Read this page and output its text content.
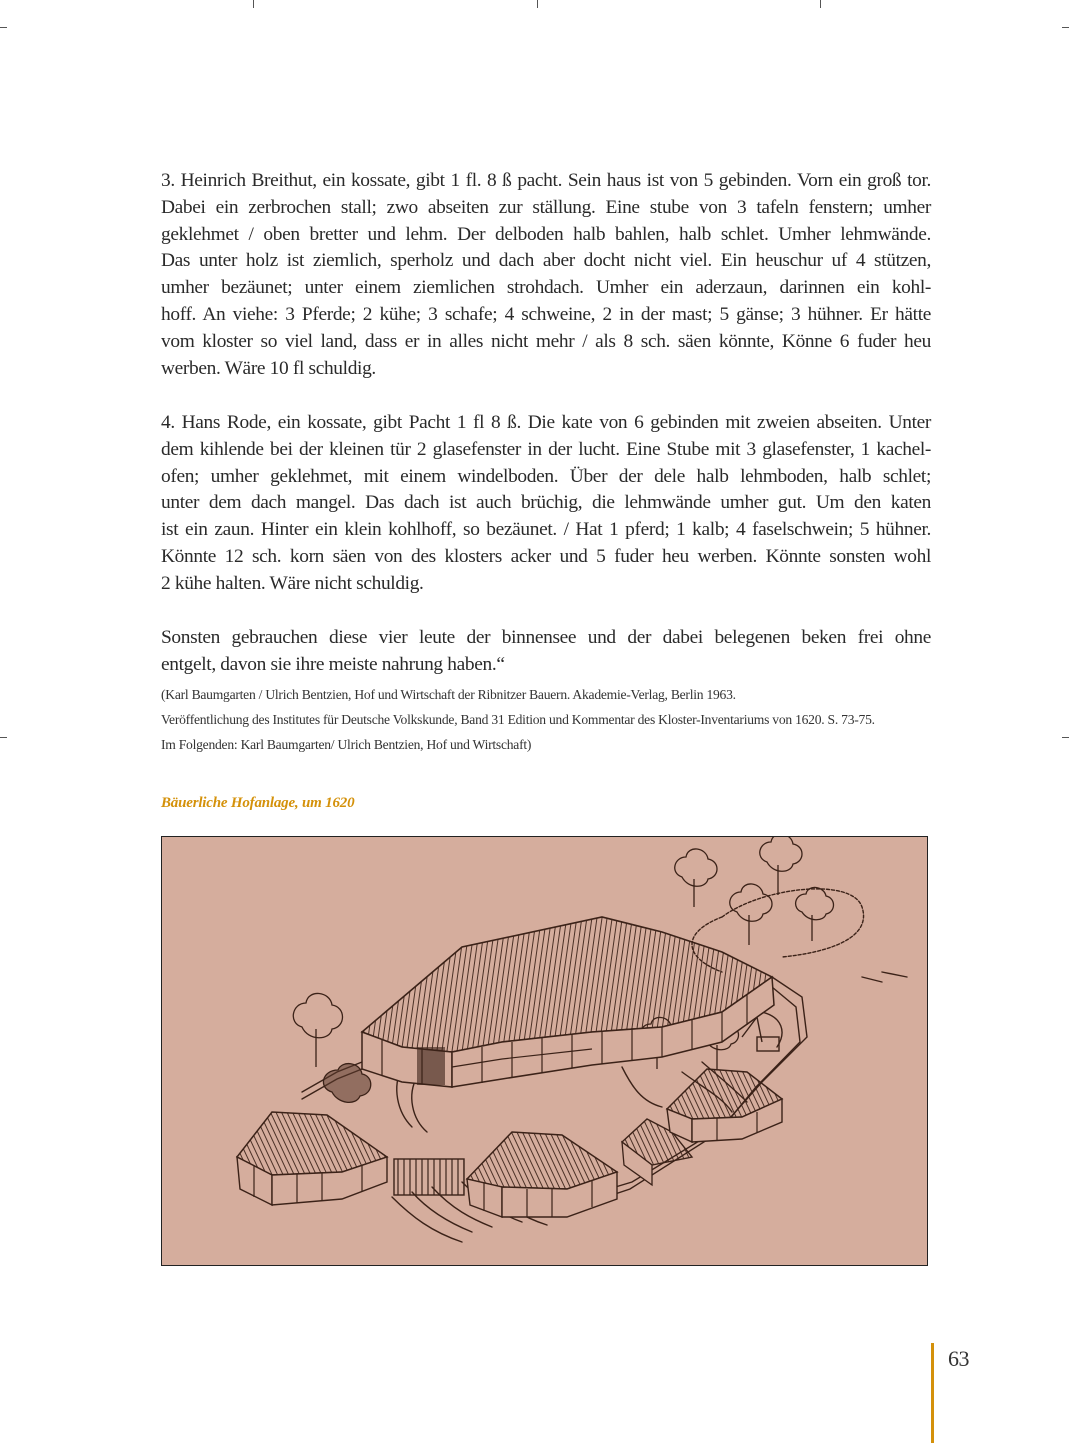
3. Heinrich Breithut, ein kossate, gibt 1 fl. 8 ß pacht. Sein haus ist von 5 gebinden. Vorn ein groß tor.
Dabei ein zerbrochen stall; zwo abseiten zur ställung. Eine stube von 3 tafeln fenstern; umher
geklehmet / oben bretter und lehm. Der delboden halb bahlen, halb schlet. Umher lehmwände.
Das unter holz ist ziemlich, sperholz und dach aber docht nicht viel. Ein heuschur uf 4 stützen,
umher bezäunet; unter einem ziemlichen strohdach. Umher ein aderzaun, darinnen ein kohl-
hoff. An viehe: 3 Pferde; 2 kühe; 3 schafe; 4 schweine, 2 in der mast; 5 gänse; 3 hühner. Er hätte
vom kloster so viel land, dass er in alles nicht mehr / als 8 sch. säen könnte, Könne 6 fuder heu
werben. Wäre 10 fl schuldig.

4. Hans Rode, ein kossate, gibt Pacht 1 fl 8 ß. Die kate von 6 gebinden mit zweien abseiten. Unter
dem kihlende bei der kleinen tür 2 glasefenster in der lucht. Eine Stube mit 3 glasefenster, 1 kachel-
ofen; umher geklehmet, mit einem windelboden. Über der dele halb lehmboden, halb schlet;
unter dem dach mangel. Das dach ist auch brüchig, die lehmwände umher gut. Um den katen
ist ein zaun. Hinter ein klein kohlhoff, so bezäunet. / Hat 1 pferd; 1 kalb; 4 faselschwein; 5 hühner.
Könnte 12 sch. korn säen von des klosters acker und 5 fuder heu werben. Könnte sonsten wohl
2 kühe halten. Wäre nicht schuldig.

Sonsten gebrauchen diese vier leute der binnensee und der dabei belegenen beken frei ohne
entgelt, davon sie ihre meiste nahrung haben.“

(Karl Baumgarten / Ulrich Bentzien, Hof und Wirtschaft der Ribnitzer Bauern. Akademie-Verlag, Berlin 1963.
Veröffentlichung des Institutes für Deutsche Volkskunde, Band 31 Edition und Kommentar des Kloster-Inventariums von 1620. S. 73-75.
Im Folgenden: Karl Baumgarten/ Ulrich Bentzien, Hof und Wirtschaft)
Bäuerliche Hofanlage, um 1620
63
